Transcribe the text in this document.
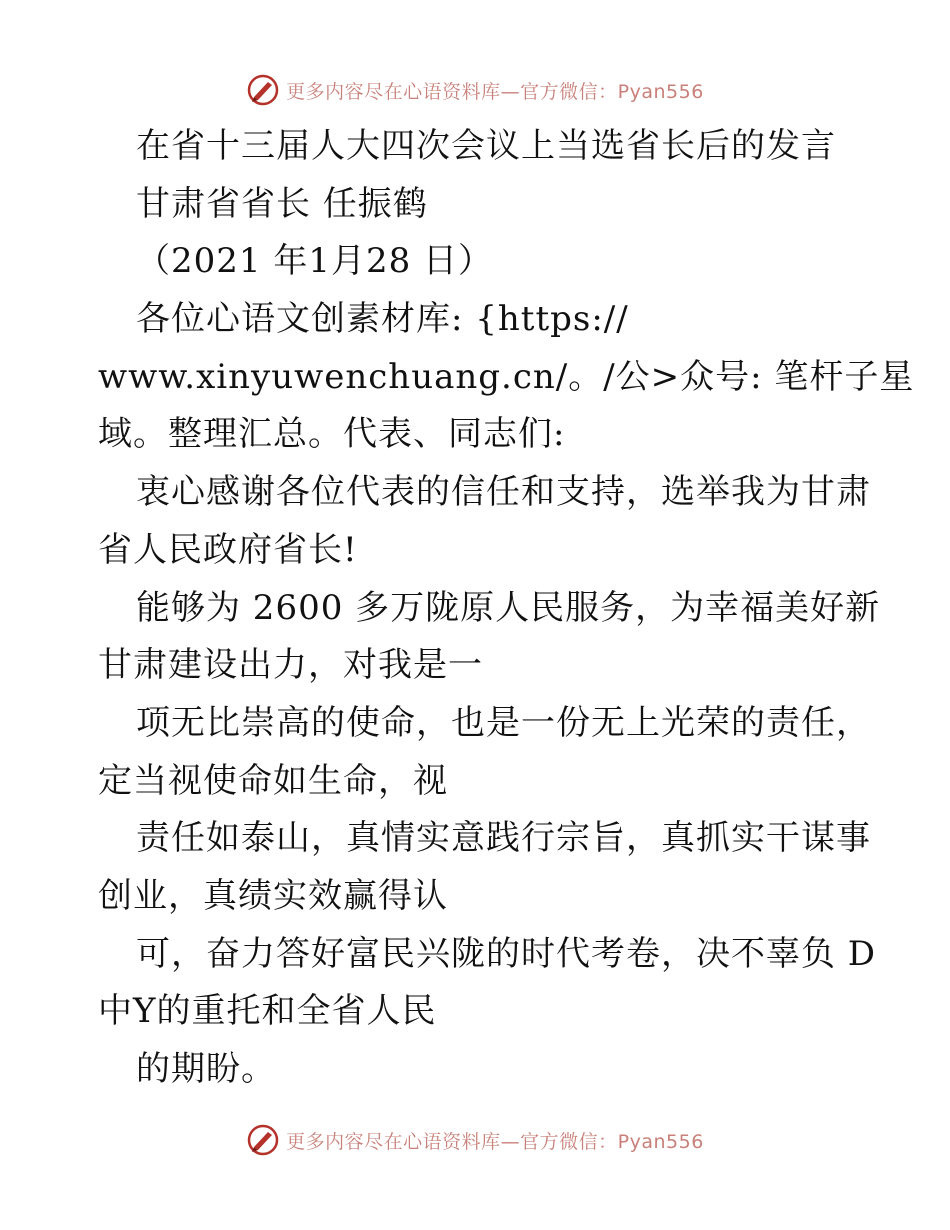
更多内容尽在心语资料库—官方微信：Pyan556
在省十三届人大四次会议上当选省长后的发言
甘肃省省长 任振鹤
（2021 年1月28 日）
各位心语文创素材库: {https://
www.xinyuwenchuang.cn/。/公>众号: 笔杆子星
域。整理汇总。代表、同志们:
衷心感谢各位代表的信任和支持，选举我为甘肃
省人民政府省长!
能够为 2600 多万陇原人民服务，为幸福美好新
甘肃建设出力，对我是一
项无比崇高的使命，也是一份无上光荣的责任，
定当视使命如生命，视
责任如泰山，真情实意践行宗旨，真抓实干谋事
创业，真绩实效赢得认
可，奋力答好富民兴陇的时代考卷，决不辜负 D
中Y的重托和全省人民
的期盼。
更多内容尽在心语资料库—官方微信：Pyan556
